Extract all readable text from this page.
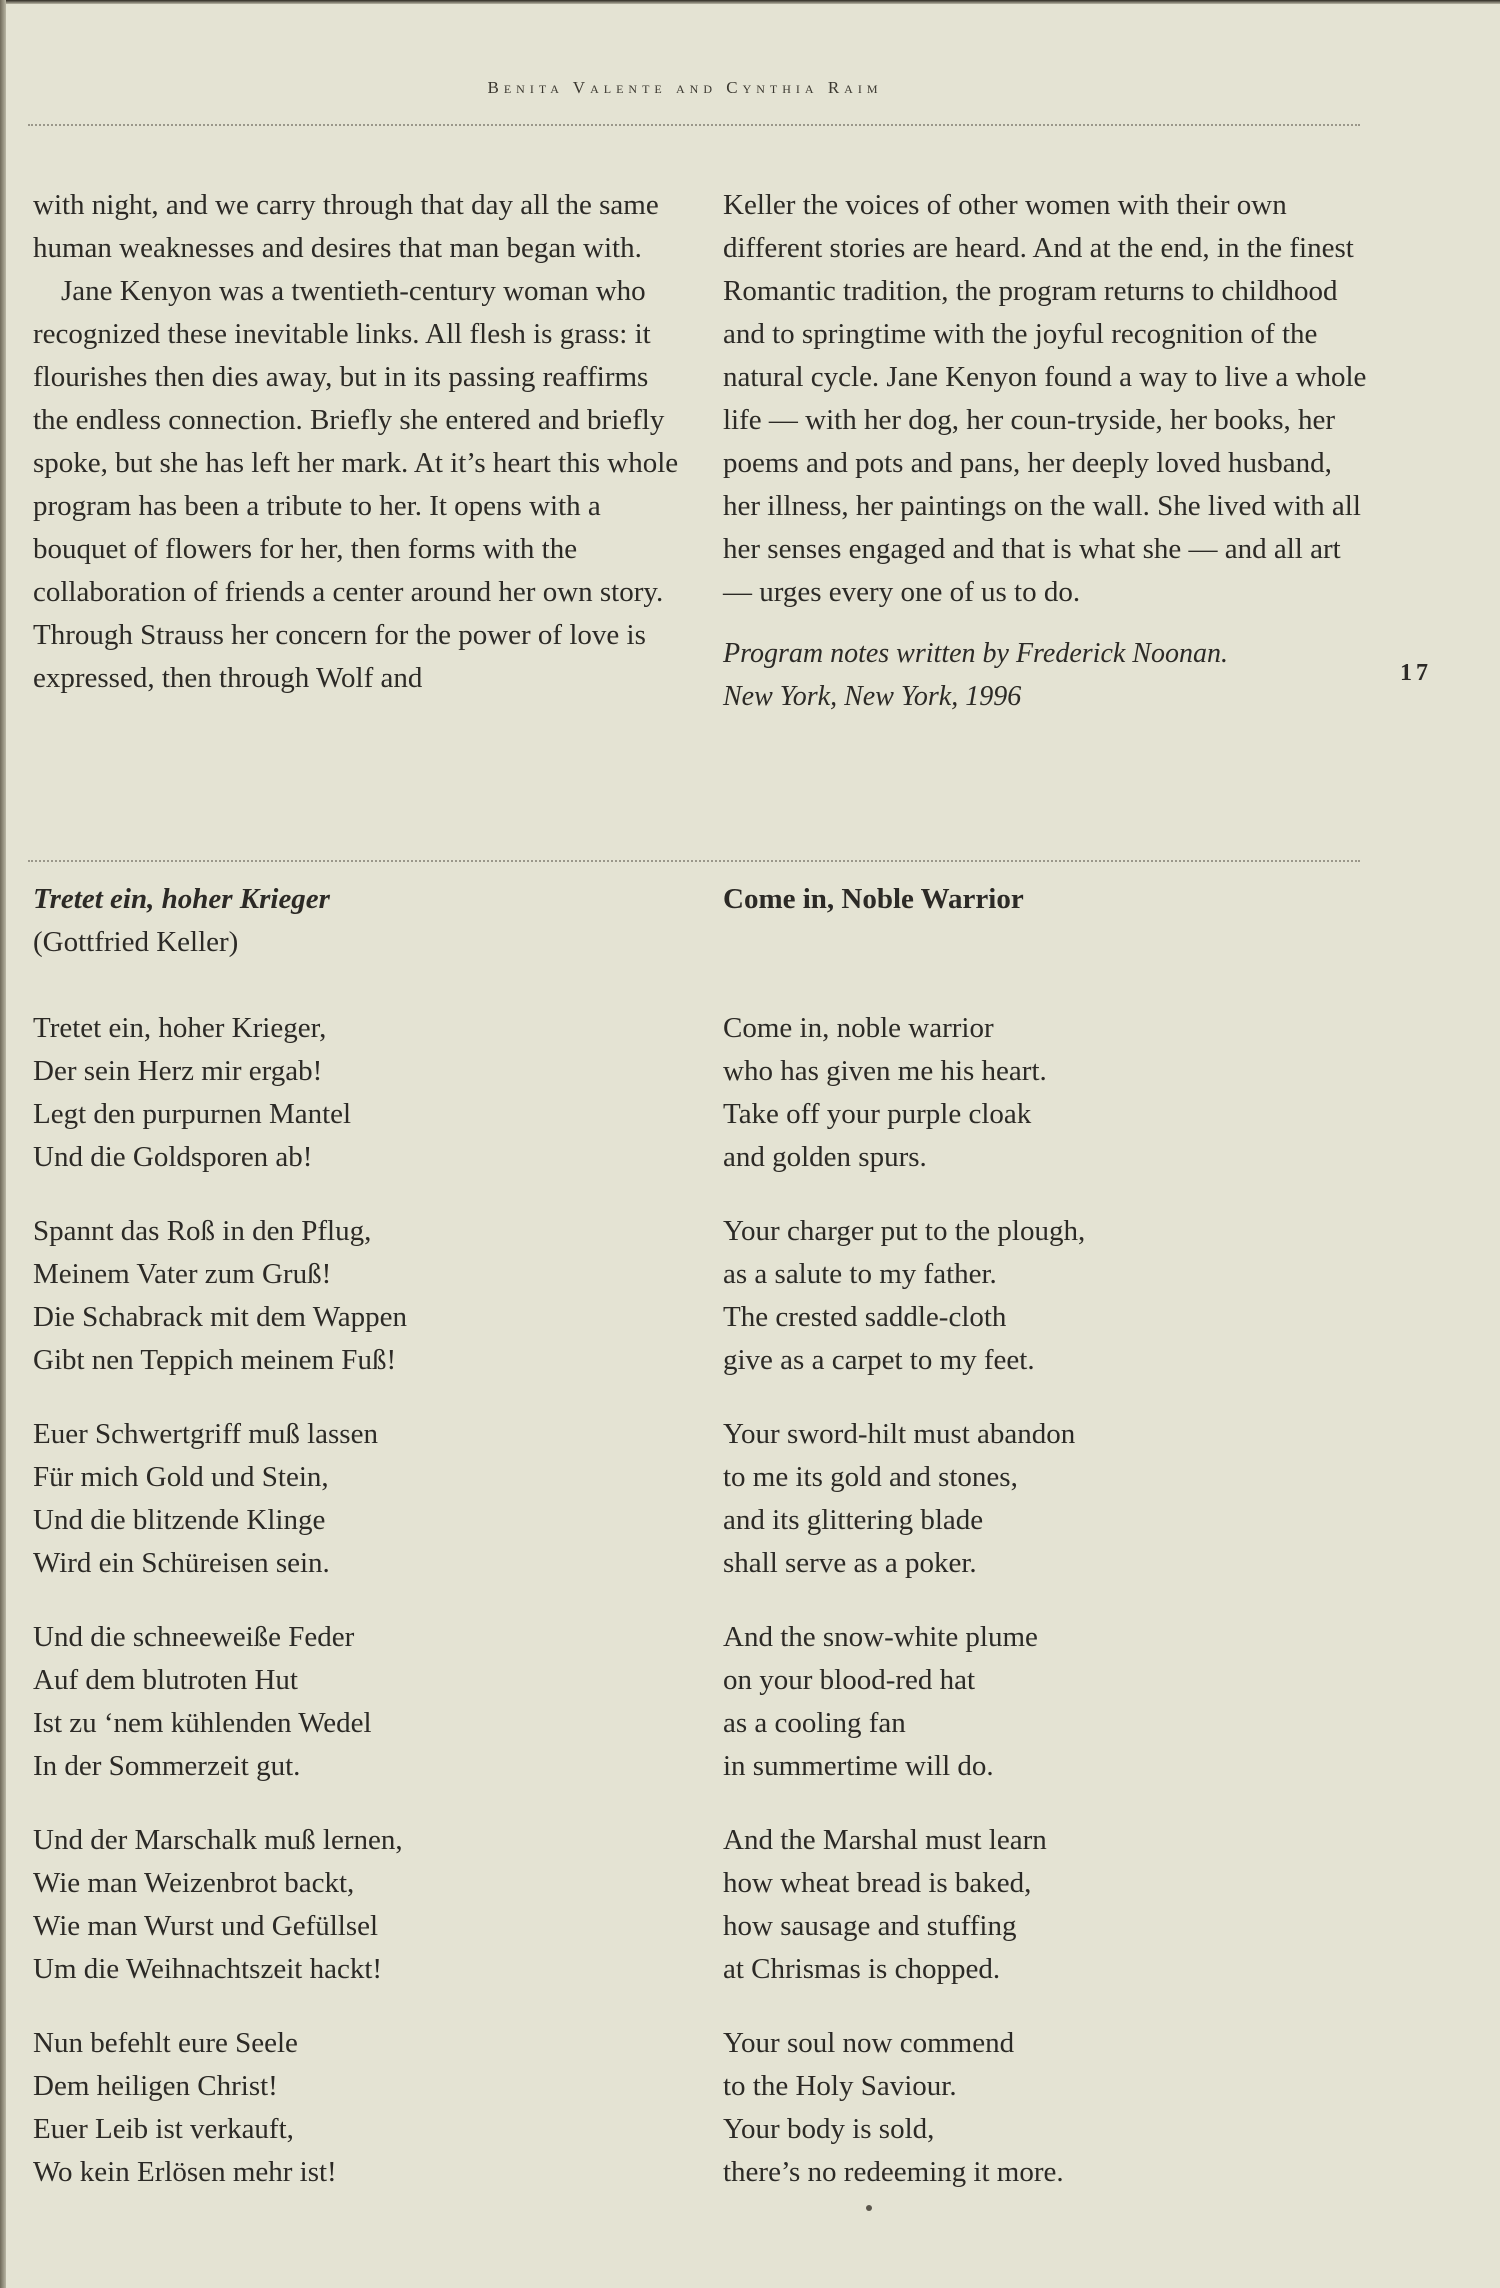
Benita Valente and Cynthia Raim

with night, and we carry through that day all the same human weaknesses and desires that man began with.

Jane Kenyon was a twentieth-century woman who recognized these inevitable links. All flesh is grass: it flourishes then dies away, but in its passing reaffirms the endless connection. Briefly she entered and briefly spoke, but she has left her mark. At it’s heart this whole program has been a tribute to her. It opens with a bouquet of flowers for her, then forms with the collaboration of friends a center around her own story. Through Strauss her concern for the power of love is expressed, then through Wolf and

Keller the voices of other women with their own different stories are heard. And at the end, in the finest Romantic tradition, the program returns to childhood and to springtime with the joyful recognition of the natural cycle. Jane Kenyon found a way to live a whole life — with her dog, her coun-tryside, her books, her poems and pots and pans, her deeply loved husband, her illness, her paintings on the wall. She lived with all her senses engaged and that is what she — and all art — urges every one of us to do.

Program notes written by Frederick Noonan.
New York, New York, 1996
17
Tretet ein, hoher Krieger
(Gottfried Keller)
Tretet ein, hoher Krieger,
Der sein Herz mir ergab!
Legt den purpurnen Mantel
Und die Goldsporen ab!
Spannt das Roß in den Pflug,
Meinem Vater zum Gruß!
Die Schabrack mit dem Wappen
Gibt nen Teppich meinem Fuß!
Euer Schwertgriff muß lassen
Für mich Gold und Stein,
Und die blitzende Klinge
Wird ein Schüreisen sein.
Und die schneeweiße Feder
Auf dem blutroten Hut
Ist zu ‘nem kühlenden Wedel
In der Sommerzeit gut.
Und der Marschalk muß lernen,
Wie man Weizenbrot backt,
Wie man Wurst und Gefüllsel
Um die Weihnachtszeit hackt!
Nun befehlt eure Seele
Dem heiligen Christ!
Euer Leib ist verkauft,
Wo kein Erlösen mehr ist!
Come in, Noble Warrior

Come in, noble warrior
who has given me his heart.
Take off your purple cloak
and golden spurs.
Your charger put to the plough,
as a salute to my father.
The crested saddle-cloth
give as a carpet to my feet.
Your sword-hilt must abandon
to me its gold and stones,
and its glittering blade
shall serve as a poker.
And the snow-white plume
on your blood-red hat
as a cooling fan
in summertime will do.
And the Marshal must learn
how wheat bread is baked,
how sausage and stuffing
at Chrismas is chopped.
Your soul now commend
to the Holy Saviour.
Your body is sold,
there’s no redeeming it more.
